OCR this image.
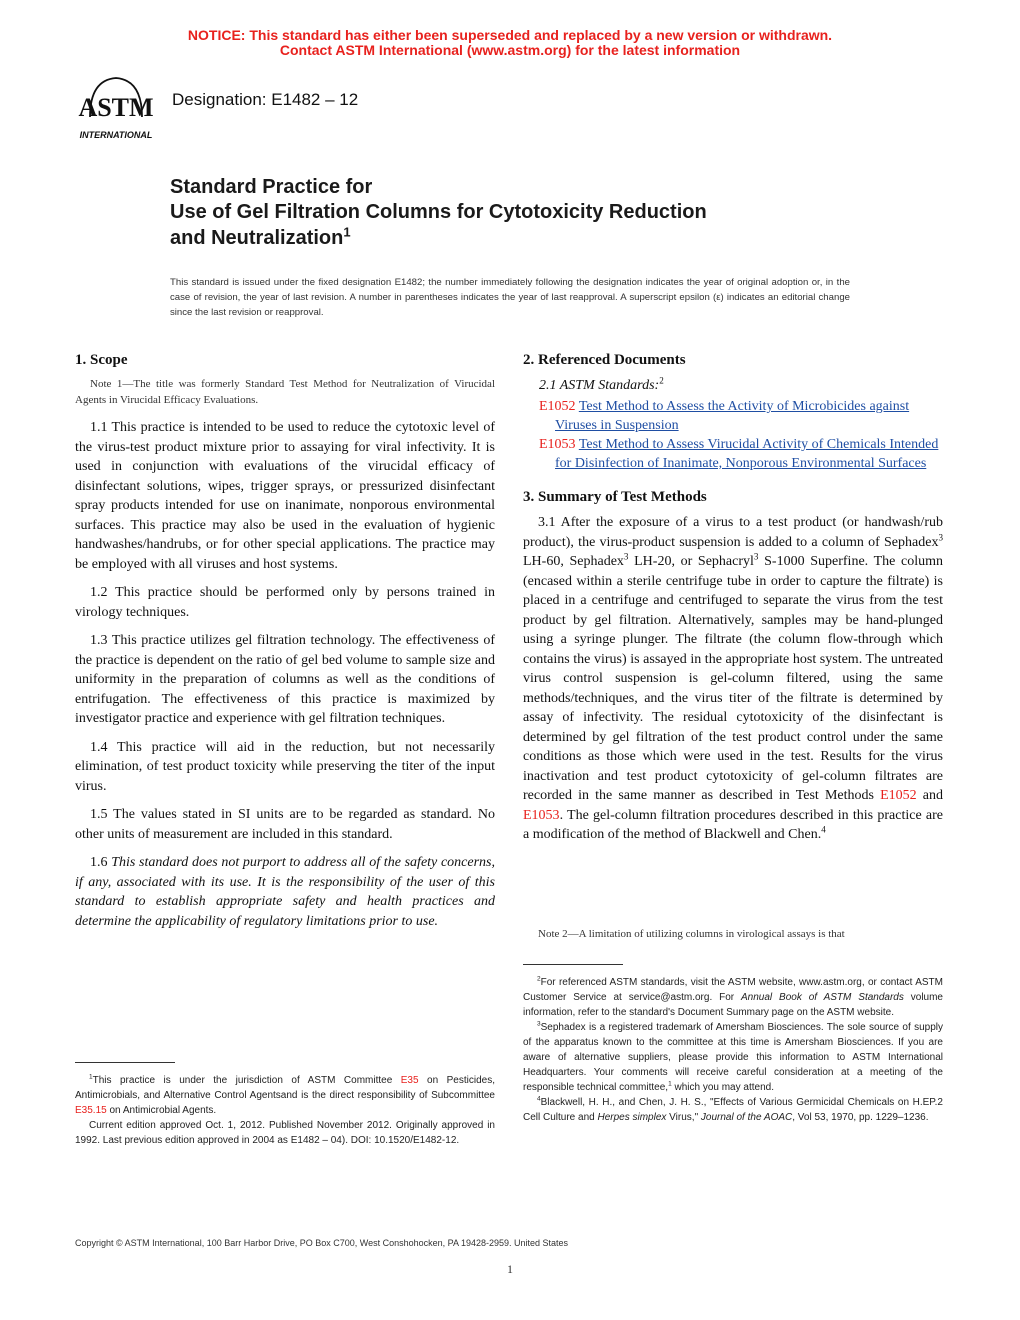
NOTICE: This standard has either been superseded and replaced by a new version or withdrawn.
Contact ASTM International (www.astm.org) for the latest information
ASTM
INTERNATIONAL
Designation: E1482 – 12
Standard Practice for
Use of Gel Filtration Columns for Cytotoxicity Reduction
and Neutralization$^1$
This standard is issued under the fixed designation E1482; the number immediately following the designation indicates the year of original adoption or, in the case of revision, the year of last revision. A number in parentheses indicates the year of last reapproval. A superscript epsilon (ε) indicates an editorial change since the last revision or reapproval.
1. Scope

Note 1—The title was formerly Standard Test Method for Neutralization of Virucidal Agents in Virucidal Efficacy Evaluations.

1.1 This practice is intended to be used to reduce the cytotoxic level of the virus-test product mixture prior to assaying for viral infectivity. It is used in conjunction with evaluations of the virucidal efficacy of disinfectant solutions, wipes, trigger sprays, or pressurized disinfectant spray products intended for use on inanimate, nonporous environmental surfaces. This practice may also be used in the evaluation of hygienic handwashes/handrubs, or for other special applications. The practice may be employed with all viruses and host systems.

1.2 This practice should be performed only by persons trained in virology techniques.

1.3 This practice utilizes gel filtration technology. The effectiveness of the practice is dependent on the ratio of gel bed volume to sample size and uniformity in the preparation of columns as well as the conditions of entrifugation. The effectiveness of this practice is maximized by investigator practice and experience with gel filtration techniques.

1.4 This practice will aid in the reduction, but not necessarily elimination, of test product toxicity while preserving the titer of the input virus.

1.5 The values stated in SI units are to be regarded as standard. No other units of measurement are included in this standard.

1.6 This standard does not purport to address all of the safety concerns, if any, associated with its use. It is the responsibility of the user of this standard to establish appropriate safety and health practices and determine the applicability of regulatory limitations prior to use.

$^1$This practice is under the jurisdiction of ASTM Committee E35 on Pesticides, Antimicrobials, and Alternative Control Agentsand is the direct responsibility of Subcommittee E35.15 on Antimicrobial Agents.

Current edition approved Oct. 1, 2012. Published November 2012. Originally approved in 1992. Last previous edition approved in 2004 as E1482 – 04). DOI: 10.1520/E1482-12.

2. Referenced Documents

2.1 ASTM Standards:$^2$

E1052 Test Method to Assess the Activity of Microbicides against Viruses in Suspension

E1053 Test Method to Assess Virucidal Activity of Chemicals Intended for Disinfection of Inanimate, Nonporous Environmental Surfaces

3. Summary of Test Methods

3.1 After the exposure of a virus to a test product (or handwash/rub product), the virus-product suspension is added to a column of Sephadex$^3$ LH-60, Sephadex$^3$ LH-20, or Sephacryl$^3$ S-1000 Superfine. The column (encased within a sterile centrifuge tube in order to capture the filtrate) is placed in a centrifuge and centrifuged to separate the virus from the test product by gel filtration. Alternatively, samples may be hand-plunged using a syringe plunger. The filtrate (the column flow-through which contains the virus) is assayed in the appropriate host system. The untreated virus control suspension is gel-column filtered, using the same methods/techniques, and the virus titer of the filtrate is determined by assay of infectivity. The residual cytotoxicity of the disinfectant is determined by gel filtration of the test product control under the same conditions as those which were used in the test. Results for the virus inactivation and test product cytotoxicity of gel-column filtrates are recorded in the same manner as described in Test Methods E1052 and E1053. The gel-column filtration procedures described in this practice are a modification of the method of Blackwell and Chen.$^4$

Note 2—A limitation of utilizing columns in virological assays is that

$^2$For referenced ASTM standards, visit the ASTM website, www.astm.org, or contact ASTM Customer Service at service@astm.org. For Annual Book of ASTM Standards volume information, refer to the standard's Document Summary page on the ASTM website.

$^3$Sephadex is a registered trademark of Amersham Biosciences. The sole source of supply of the apparatus known to the committee at this time is Amersham Biosciences. If you are aware of alternative suppliers, please provide this information to ASTM International Headquarters. Your comments will receive careful consideration at a meeting of the responsible technical committee,$^1$ which you may attend.

$^4$Blackwell, H. H., and Chen, J. H. S., "Effects of Various Germicidal Chemicals on H.EP.2 Cell Culture and Herpes simplex Virus," Journal of the AOAC, Vol 53, 1970, pp. 1229–1236.

Copyright © ASTM International, 100 Barr Harbor Drive, PO Box C700, West Conshohocken, PA 19428-2959. United States
1
